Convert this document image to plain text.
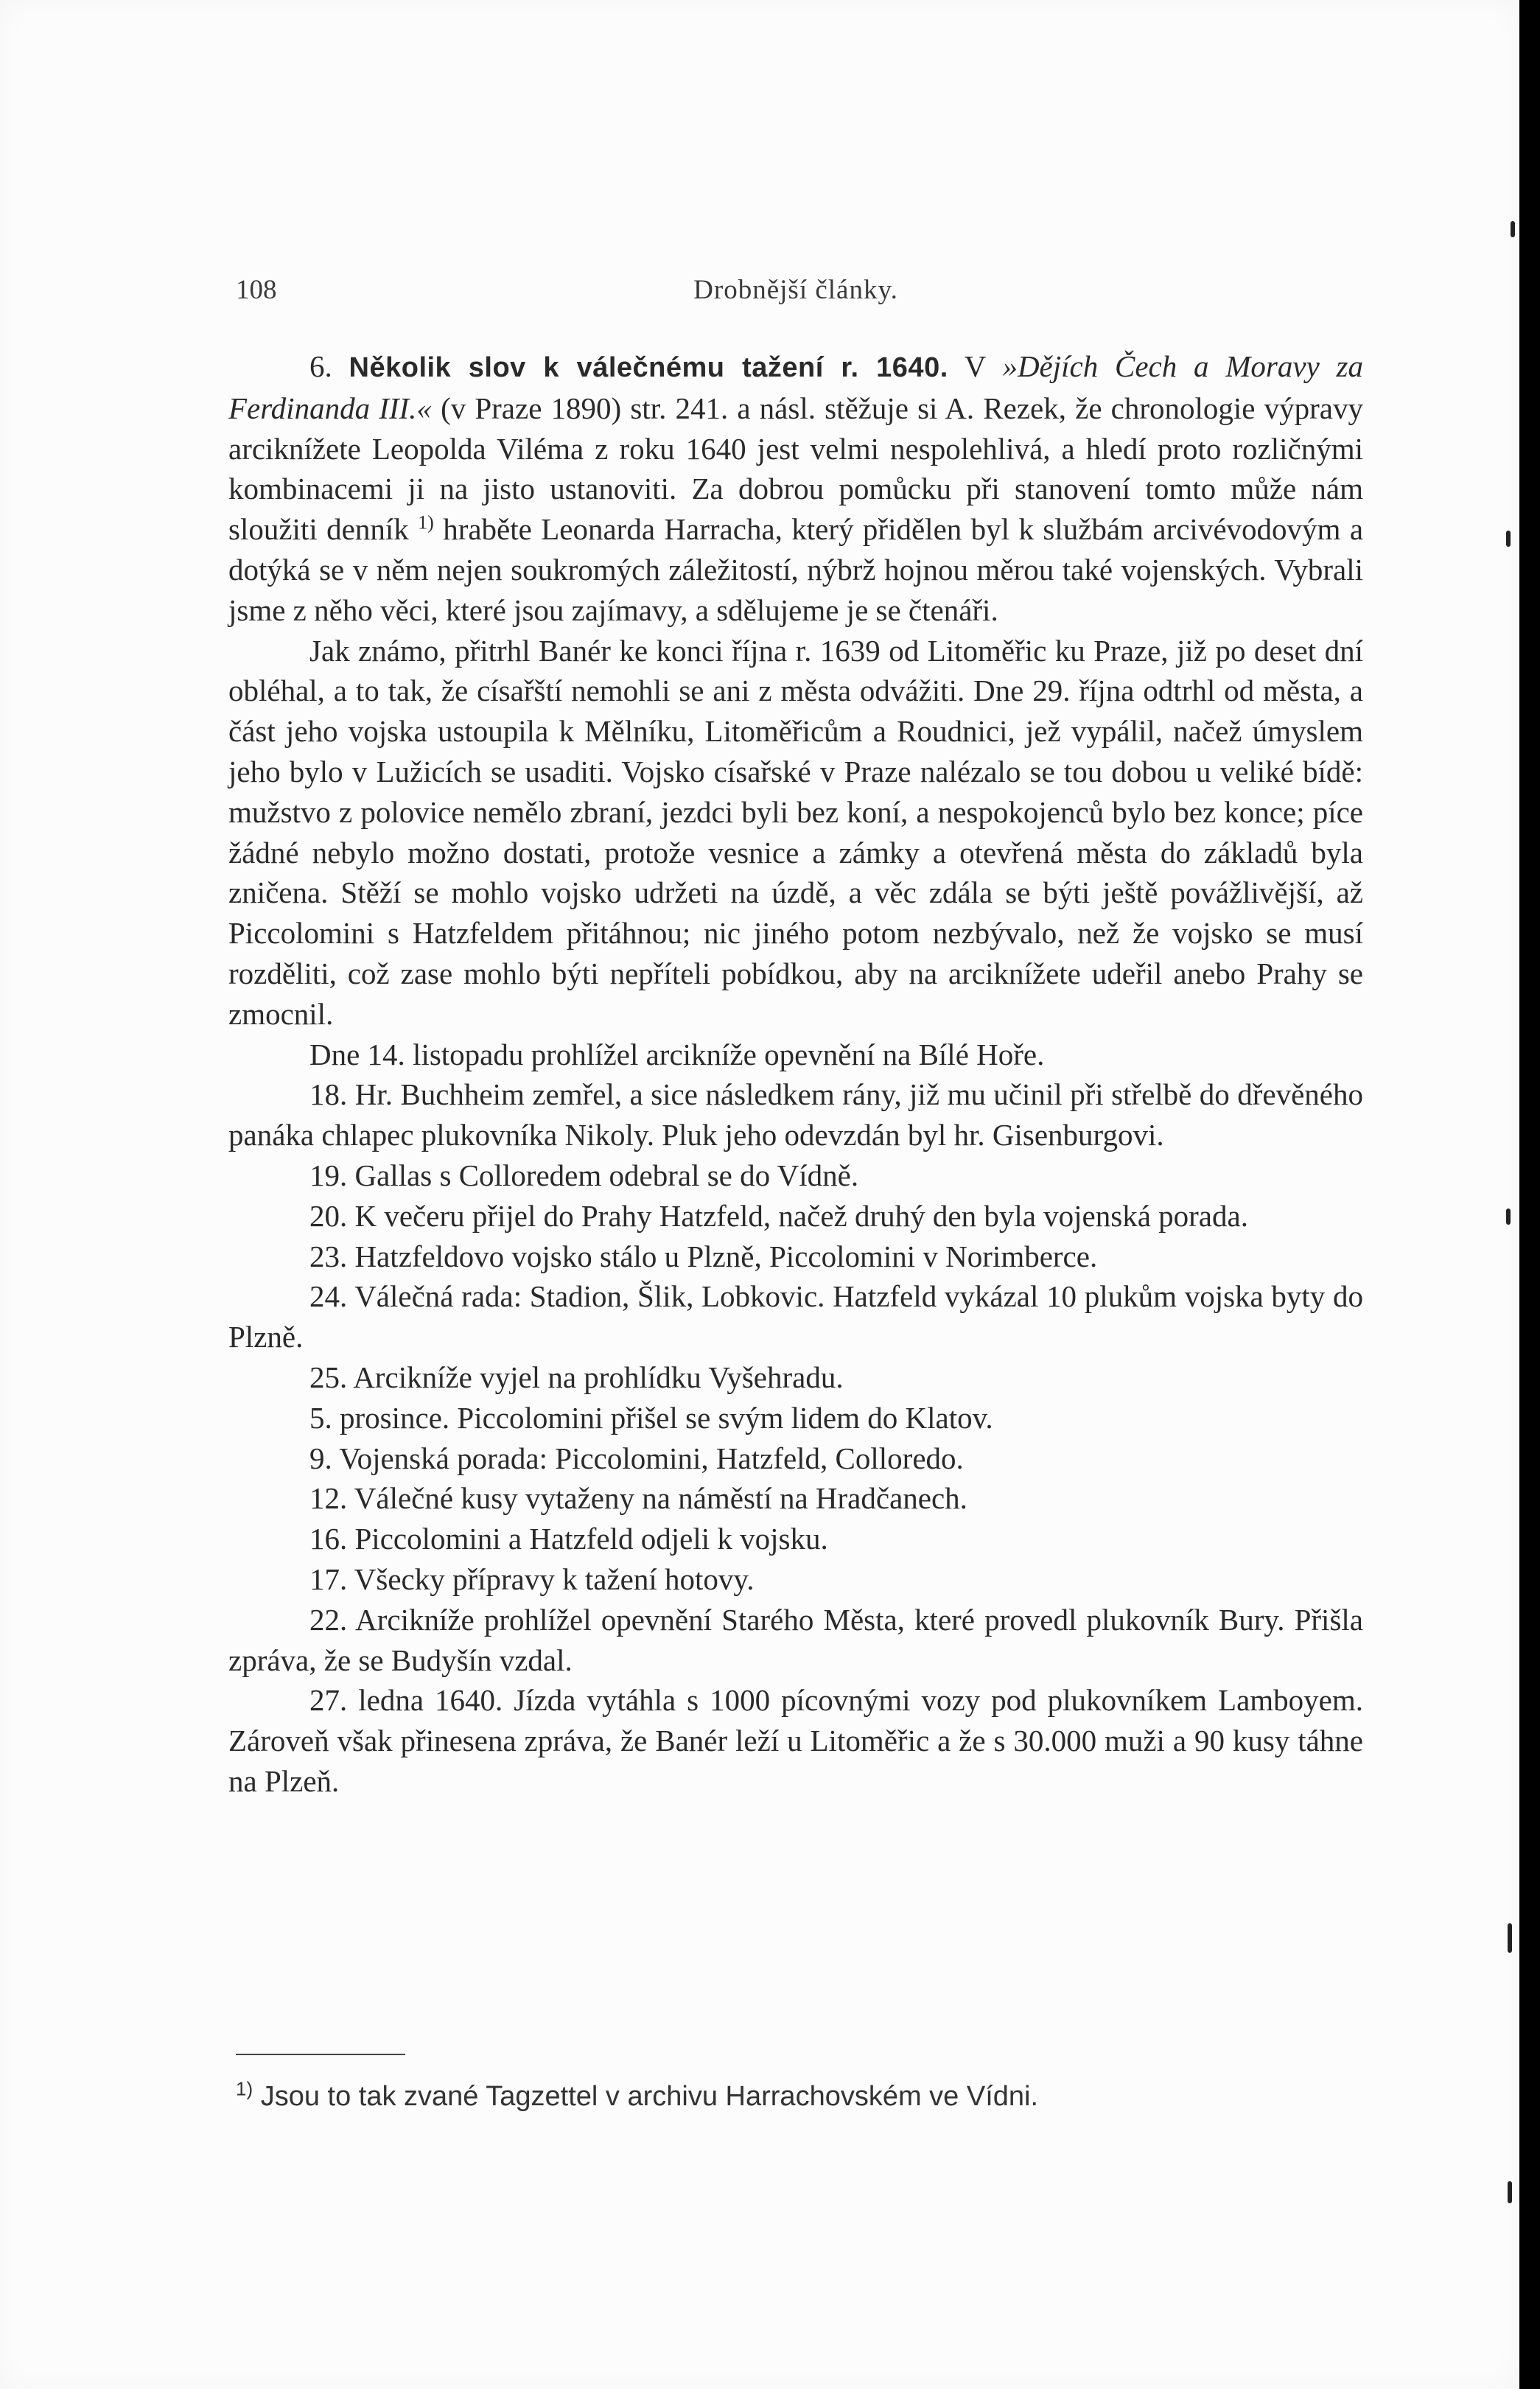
108	Drobnější články.

6. Několik slov k válečnému tažení r. 1640. V »Dějích Čech a Moravy za Ferdinanda III.« (v Praze 1890) str. 241. a násl. stěžuje si A. Rezek, že chronologie výpravy arciknížete Leopolda Viléma z roku 1640 jest velmi nespolehlivá, a hledí proto rozličnými kombinacemi ji na jisto ustanoviti. Za dobrou pomůcku při stanovení tomto může nám sloužiti denník $^{1)}$ hraběte Leonarda Harracha, který přidělen byl k službám arcivévodovým a dotýká se v něm nejen soukromých záležitostí, nýbrž hojnou měrou také vojenských. Vybrali jsme z něho věci, které jsou zajímavy, a sdělujeme je se čtenáři.

Jak známo, přitrhl Banér ke konci října r. 1639 od Litoměřic ku Praze, již po deset dní obléhal, a to tak, že císařští nemohli se ani z města odvážiti. Dne 29. října odtrhl od města, a část jeho vojska ustoupila k Mělníku, Litoměřicům a Roudnici, jež vypálil, načež úmyslem jeho bylo v Lužicích se usaditi. Vojsko císařské v Praze nalézalo se tou dobou u veliké bídě: mužstvo z polovice nemělo zbraní, jezdci byli bez koní, a nespokojenců bylo bez konce; píce žádné nebylo možno dostati, protože vesnice a zámky a otevřená města do základů byla zničena. Stěží se mohlo vojsko udržeti na úzdě, a věc zdála se býti ještě povážlivější, až Piccolomini s Hatzfeldem přitáhnou; nic jiného potom nezbývalo, než že vojsko se musí rozděliti, což zase mohlo býti nepříteli pobídkou, aby na arciknížete udeřil anebo Prahy se zmocnil.

Dne 14. listopadu prohlížel arcikníže opevnění na Bílé Hoře.

18. Hr. Buchheim zemřel, a sice následkem rány, již mu učinil při střelbě do dřevěného panáka chlapec plukovníka Nikoly. Pluk jeho odevzdán byl hr. Gisenburgovi.

19. Gallas s Colloredem odebral se do Vídně.

20. K večeru přijel do Prahy Hatzfeld, načež druhý den byla vojenská porada.

23. Hatzfeldovo vojsko stálo u Plzně, Piccolomini v Norimberce.

24. Válečná rada: Stadion, Šlik, Lobkovic. Hatzfeld vykázal 10 plukům vojska byty do Plzně.

25. Arcikníže vyjel na prohlídku Vyšehradu.

5. prosince. Piccolomini přišel se svým lidem do Klatov.

9. Vojenská porada: Piccolomini, Hatzfeld, Colloredo.

12. Válečné kusy vytaženy na náměstí na Hradčanech.

16. Piccolomini a Hatzfeld odjeli k vojsku.

17. Všecky přípravy k tažení hotovy.

22. Arcikníže prohlížel opevnění Starého Města, které provedl plukovník Bury. Přišla zpráva, že se Budyšín vzdal.

27. ledna 1640. Jízda vytáhla s 1000 pícovnými vozy pod plukovníkem Lamboyem. Zároveň však přinesena zpráva, že Banér leží u Litoměřic a že s 30.000 muži a 90 kusy táhne na Plzeň.

$^{1)}$ Jsou to tak zvané Tagzettel v archivu Harrachovském ve Vídni.
